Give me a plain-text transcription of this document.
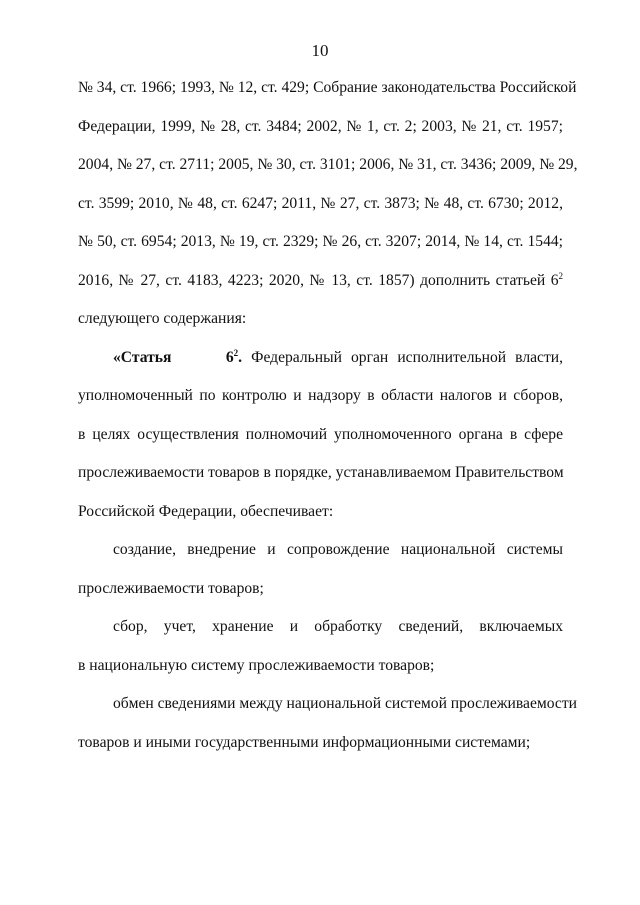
10
№ 34, ст. 1966; 1993, № 12, ст. 429; Собрание законодательства Российской
Федерации, 1999, № 28, ст. 3484; 2002, № 1, ст. 2; 2003, № 21, ст. 1957;
2004, № 27, ст. 2711; 2005, № 30, ст. 3101; 2006, № 31, ст. 3436; 2009, № 29,
ст. 3599; 2010, № 48, ст. 6247; 2011, № 27, ст. 3873; № 48, ст. 6730; 2012,
№ 50, ст. 6954; 2013, № 19, ст. 2329; № 26, ст. 3207; 2014, № 14, ст. 1544;
2016, № 27, ст. 4183, 4223; 2020, № 13, ст. 1857) дополнить статьей $6^2$
следующего содержания:
«Статья	$6^2$. Федеральный орган исполнительной власти,
уполномоченный по контролю и надзору в области налогов и сборов,
в целях осуществления полномочий уполномоченного органа в сфере
прослеживаемости товаров в порядке, устанавливаемом Правительством
Российской Федерации, обеспечивает:
создание, внедрение и сопровождение национальной системы
прослеживаемости товаров;
сбор, учет, хранение и обработку сведений, включаемых
в национальную систему прослеживаемости товаров;
обмен сведениями между национальной системой прослеживаемости
товаров и иными государственными информационными системами;
